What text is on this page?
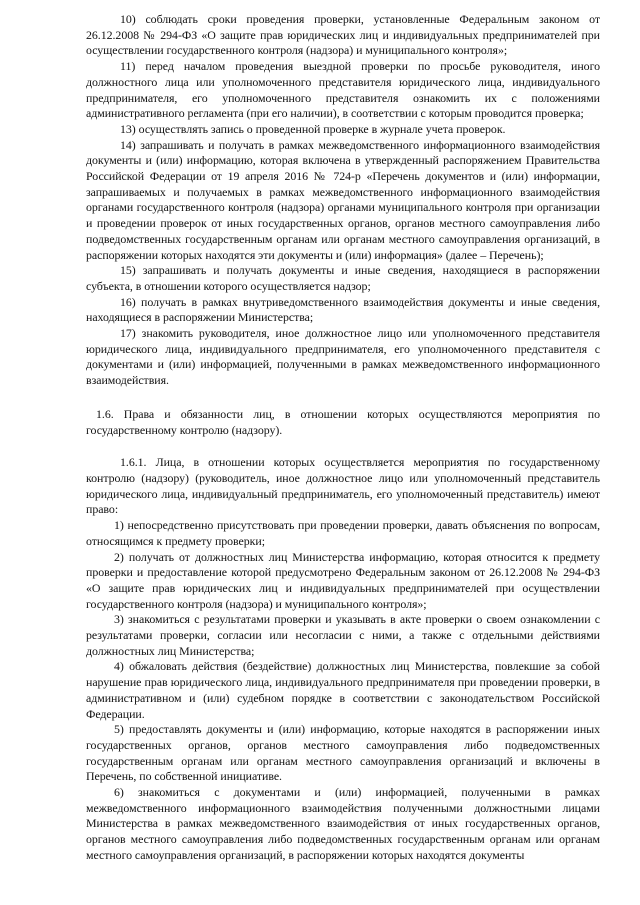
10) соблюдать сроки проведения проверки, установленные Федеральным законом от 26.12.2008 № 294-ФЗ «О защите прав юридических лиц и индивидуальных предпринимателей при осуществлении государственного контроля (надзора) и муниципального контроля»;

11) перед началом проведения выездной проверки по просьбе руководителя, иного должностного лица или уполномоченного представителя юридического лица, индивидуального предпринимателя, его уполномоченного представителя ознакомить их с положениями административного регламента (при его наличии), в соответствии с которым проводится проверка;

13) осуществлять запись о проведенной проверке в журнале учета проверок.

14) запрашивать и получать в рамках межведомственного информационного взаимодействия документы и (или) информацию, которая включена в утвержденный распоряжением Правительства Российской Федерации от 19 апреля 2016 № 724-р «Перечень документов и (или) информации, запрашиваемых и получаемых в рамках межведомственного информационного взаимодействия органами государственного контроля (надзора) органами муниципального контроля при организации и проведении проверок от иных государственных органов, органов местного самоуправления либо подведомственных государственным органам или органам местного самоуправления организаций, в распоряжении которых находятся эти документы и (или) информация» (далее – Перечень);

15) запрашивать и получать документы и иные сведения, находящиеся в распоряжении субъекта, в отношении которого осуществляется надзор;

16) получать в рамках внутриведомственного взаимодействия документы и иные сведения, находящиеся в распоряжении Министерства;

17) знакомить руководителя, иное должностное лицо или уполномоченного представителя юридического лица, индивидуального предпринимателя, его уполномоченного представителя с документами и (или) информацией, полученными в рамках межведомственного информационного взаимодействия.

1.6. Права и обязанности лиц, в отношении которых осуществляются мероприятия по государственному контролю (надзору).

1.6.1. Лица, в отношении которых осуществляется мероприятия по государственному контролю (надзору) (руководитель, иное должностное лицо или уполномоченный представитель юридического лица, индивидуальный предприниматель, его уполномоченный представитель) имеют право:

1) непосредственно присутствовать при проведении проверки, давать объяснения по вопросам, относящимся к предмету проверки;

2) получать от должностных лиц Министерства информацию, которая относится к предмету проверки и предоставление которой предусмотрено Федеральным законом от 26.12.2008 № 294-ФЗ «О защите прав юридических лиц и индивидуальных предпринимателей при осуществлении государственного контроля (надзора) и муниципального контроля»;

3) знакомиться с результатами проверки и указывать в акте проверки о своем ознакомлении с результатами проверки, согласии или несогласии с ними, а также с отдельными действиями должностных лиц Министерства;

4) обжаловать действия (бездействие) должностных лиц Министерства, повлекшие за собой нарушение прав юридического лица, индивидуального предпринимателя при проведении проверки, в административном и (или) судебном порядке в соответствии с законодательством Российской Федерации.

5) предоставлять документы и (или) информацию, которые находятся в распоряжении иных государственных органов, органов местного самоуправления либо подведомственных государственным органам или органам местного самоуправления организаций и включены в Перечень, по собственной инициативе.

6) знакомиться с документами и (или) информацией, полученными в рамках межведомственного информационного взаимодействия полученными должностными лицами Министерства в рамках межведомственного взаимодействия от иных государственных органов, органов местного самоуправления либо подведомственных государственным органам или органам местного самоуправления организаций, в распоряжении которых находятся документы
